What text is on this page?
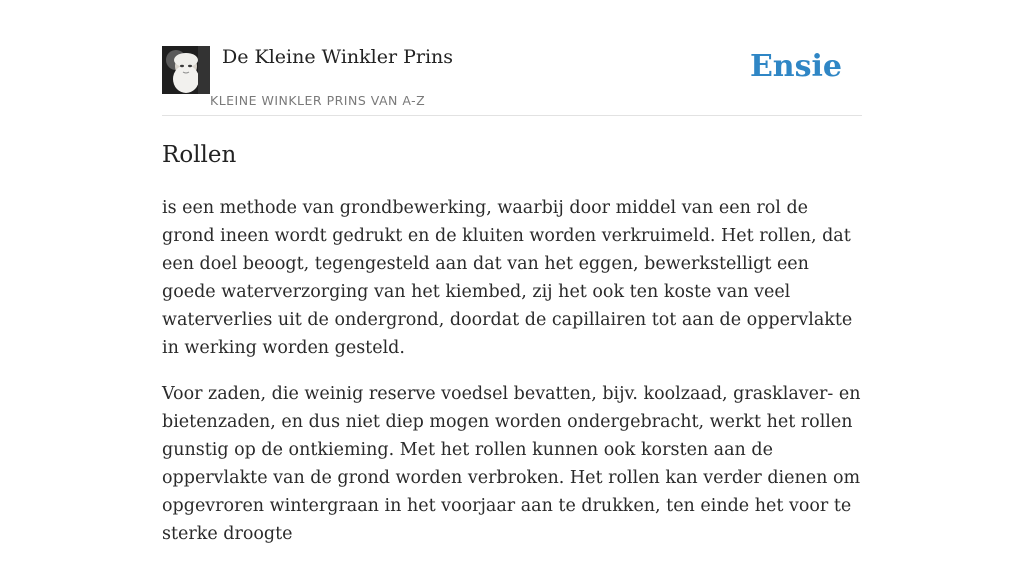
De Kleine Winkler Prins
KLEINE WINKLER PRINS VAN A-Z
Ensie
Rollen

is een methode van grondbewerking, waarbij door middel van een rol de grond ineen wordt gedrukt en de kluiten worden verkruimeld. Het rollen, dat een doel beoogt, tegengesteld aan dat van het eggen, bewerkstelligt een goede waterverzorging van het kiembed, zij het ook ten koste van veel waterverlies uit de ondergrond, doordat de capillairen tot aan de oppervlakte in werking worden gesteld.

Voor zaden, die weinig reserve voedsel bevatten, bijv. koolzaad, grasklaver- en bietenzaden, en dus niet diep mogen worden ondergebracht, werkt het rollen gunstig op de ontkieming. Met het rollen kunnen ook korsten aan de oppervlakte van de grond worden verbroken. Het rollen kan verder dienen om opgevroren wintergraan in het voorjaar aan te drukken, ten einde het voor te sterke droogte
